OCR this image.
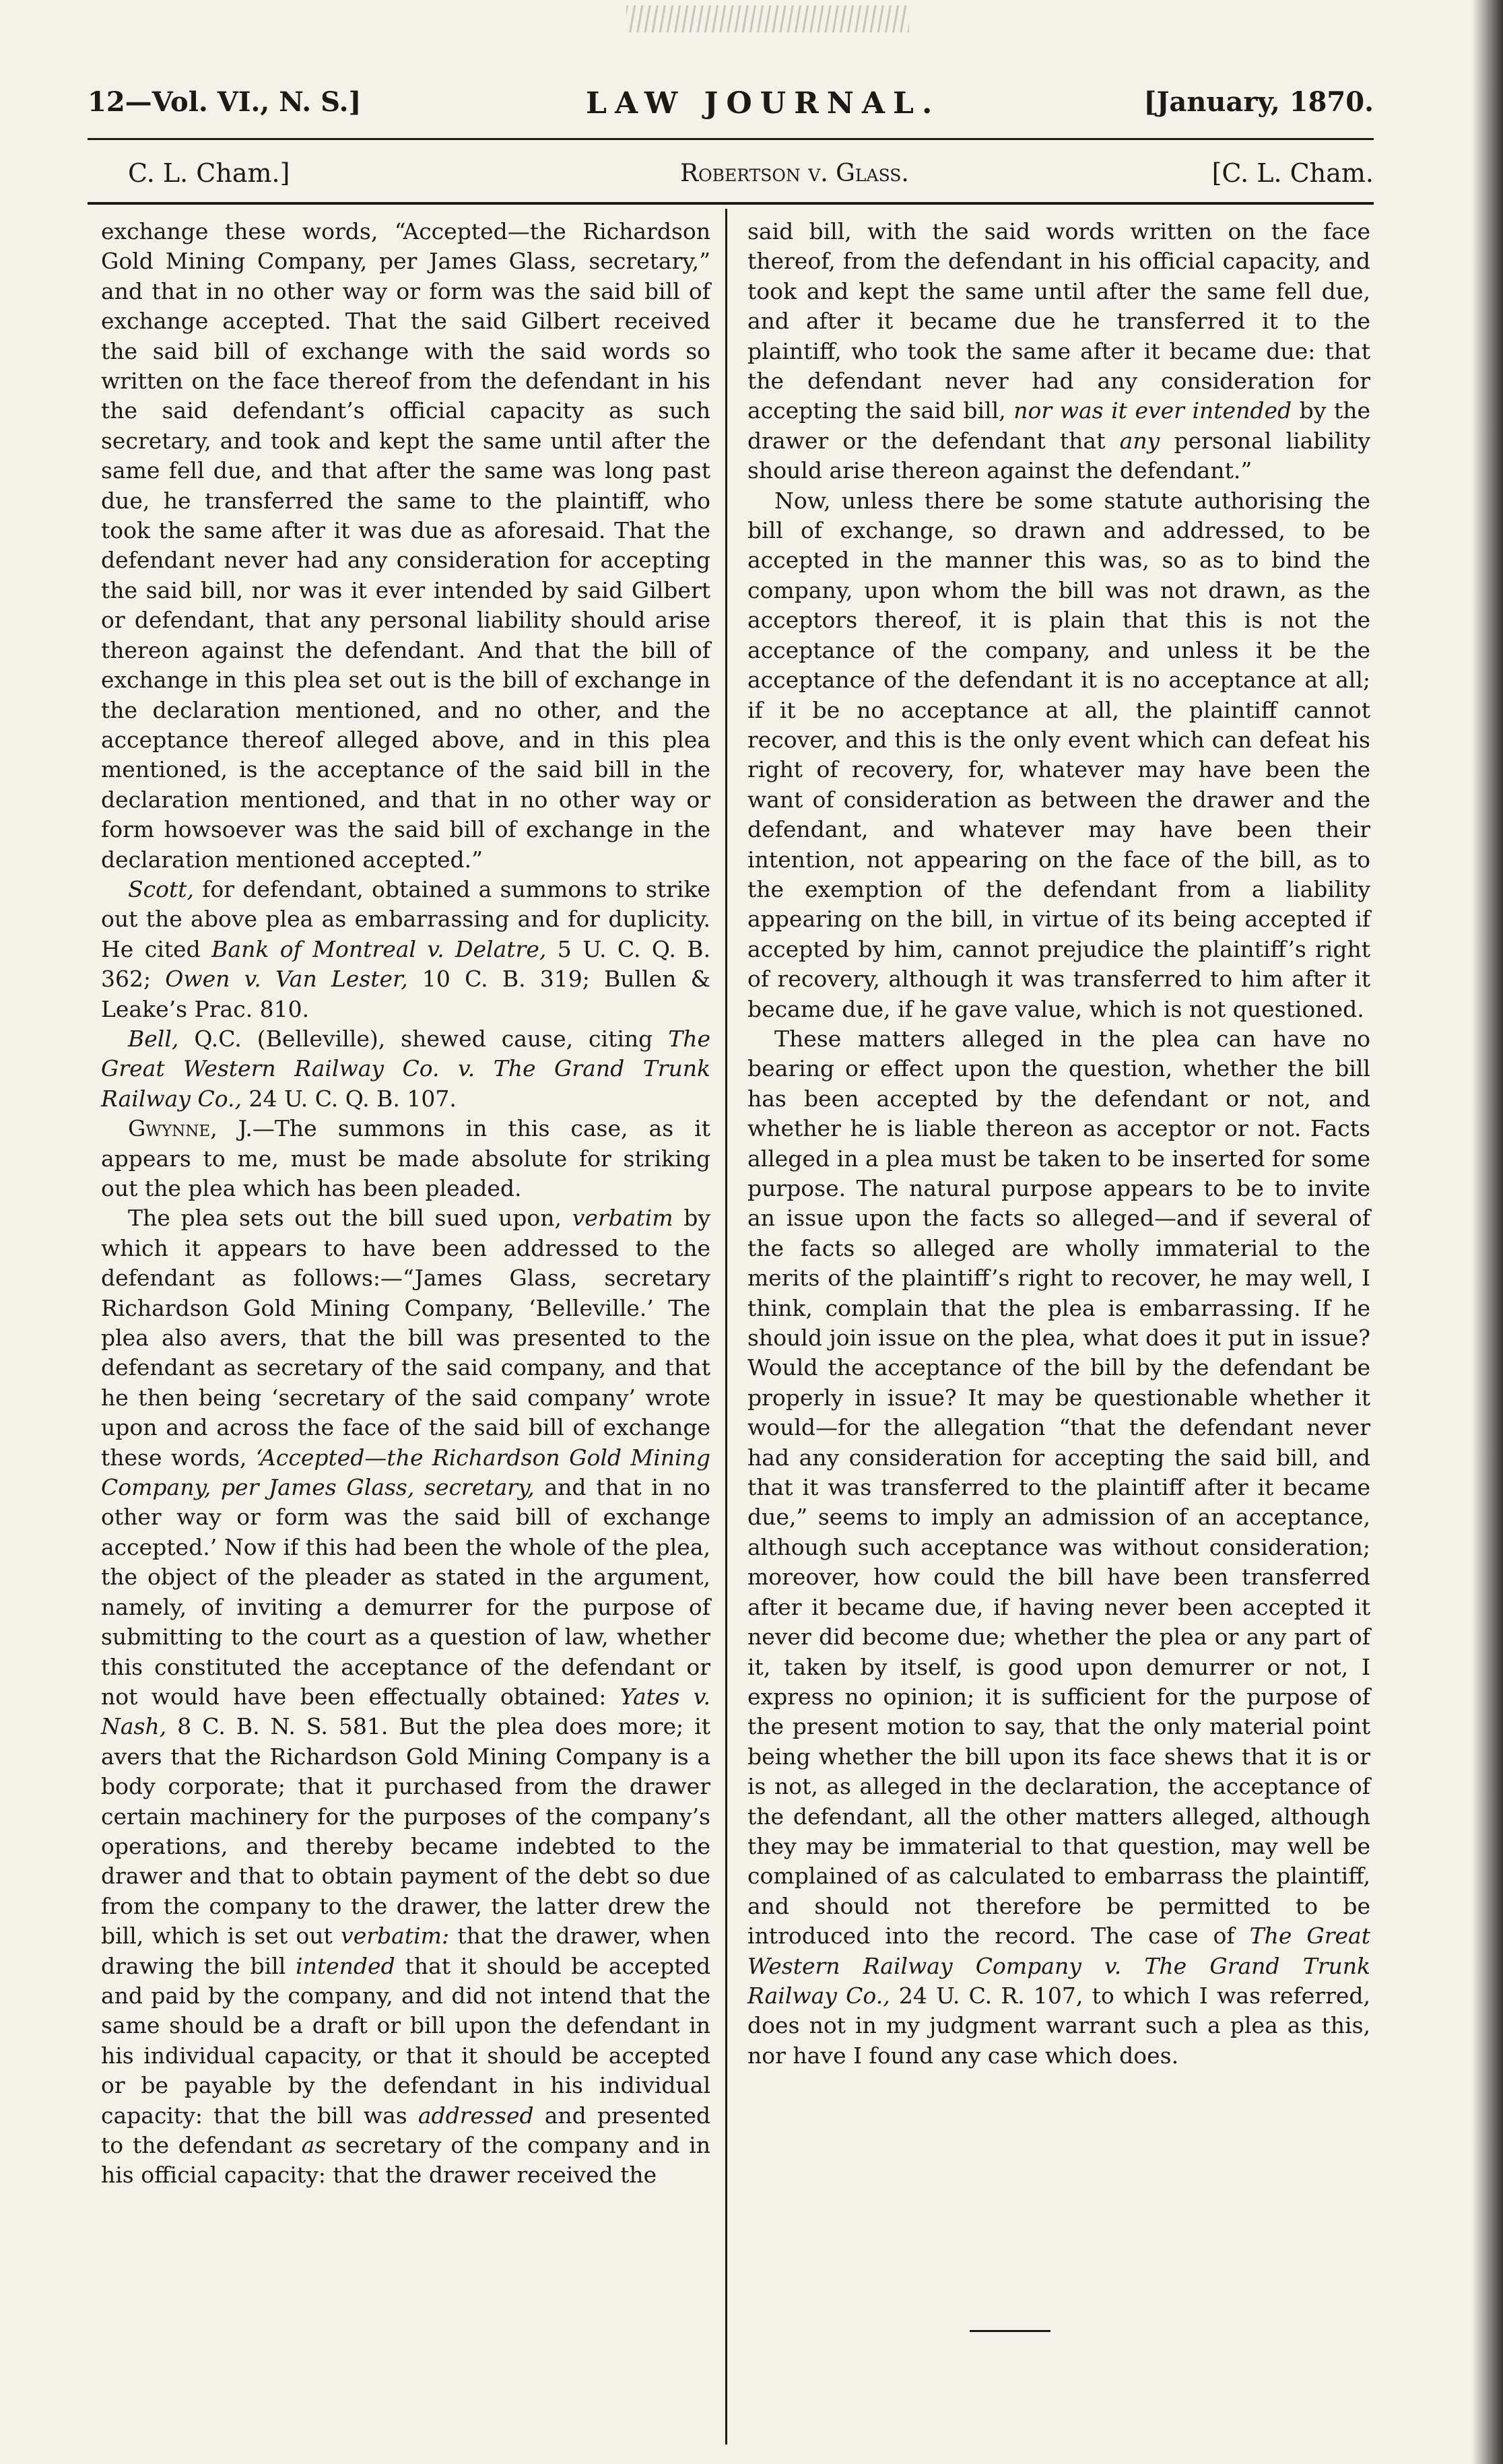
12—Vol. VI., N. S.]	LAW JOURNAL.	[January, 1870.
C. L. Cham.]	Robertson v. Glass.	[C. L. Cham.

exchange these words, “Accepted—the Richardson Gold Mining Company, per James Glass, secretary,” and that in no other way or form was the said bill of exchange accepted. That the said Gilbert received the said bill of exchange with the said words so written on the face thereof from the defendant in his the said defendant’s official capacity as such secretary, and took and kept the same until after the same fell due, and that after the same was long past due, he transferred the same to the plaintiff, who took the same after it was due as aforesaid. That the defendant never had any consideration for accepting the said bill, nor was it ever intended by said Gilbert or defendant, that any personal liability should arise thereon against the defendant. And that the bill of exchange in this plea set out is the bill of exchange in the declaration mentioned, and no other, and the acceptance thereof alleged above, and in this plea mentioned, is the acceptance of the said bill in the declaration mentioned, and that in no other way or form howsoever was the said bill of exchange in the declaration mentioned accepted.”

Scott, for defendant, obtained a summons to strike out the above plea as embarrassing and for duplicity. He cited Bank of Montreal v. Delatre, 5 U. C. Q. B. 362; Owen v. Van Lester, 10 C. B. 319; Bullen & Leake’s Prac. 810.

Bell, Q.C. (Belleville), shewed cause, citing The Great Western Railway Co. v. The Grand Trunk Railway Co., 24 U. C. Q. B. 107.

Gwynne, J.—The summons in this case, as it appears to me, must be made absolute for striking out the plea which has been pleaded.

The plea sets out the bill sued upon, verbatim by which it appears to have been addressed to the defendant as follows:—“James Glass, secretary Richardson Gold Mining Company, ‘Belleville.’ The plea also avers, that the bill was presented to the defendant as secretary of the said company, and that he then being ‘secretary of the said company’ wrote upon and across the face of the said bill of exchange these words, ‘Accepted—the Richardson Gold Mining Company, per James Glass, secretary, and that in no other way or form was the said bill of exchange accepted.’ Now if this had been the whole of the plea, the object of the pleader as stated in the argument, namely, of inviting a demurrer for the purpose of submitting to the court as a question of law, whether this constituted the acceptance of the defendant or not would have been effectually obtained: Yates v. Nash, 8 C. B. N. S. 581. But the plea does more; it avers that the Richardson Gold Mining Company is a body corporate; that it purchased from the drawer certain machinery for the purposes of the company’s operations, and thereby became indebted to the drawer and that to obtain payment of the debt so due from the company to the drawer, the latter drew the bill, which is set out verbatim: that the drawer, when drawing the bill intended that it should be accepted and paid by the company, and did not intend that the same should be a draft or bill upon the defendant in his individual capacity, or that it should be accepted or be payable by the defendant in his individual capacity: that the bill was addressed and presented to the defendant as secretary of the company and in his official capacity: that the drawer received the

said bill, with the said words written on the face thereof, from the defendant in his official capacity, and took and kept the same until after the same fell due, and after it became due he transferred it to the plaintiff, who took the same after it became due: that the defendant never had any consideration for accepting the said bill, nor was it ever intended by the drawer or the defendant that any personal liability should arise thereon against the defendant.”

Now, unless there be some statute authorising the bill of exchange, so drawn and addressed, to be accepted in the manner this was, so as to bind the company, upon whom the bill was not drawn, as the acceptors thereof, it is plain that this is not the acceptance of the company, and unless it be the acceptance of the defendant it is no acceptance at all; if it be no acceptance at all, the plaintiff cannot recover, and this is the only event which can defeat his right of recovery, for, whatever may have been the want of consideration as between the drawer and the defendant, and whatever may have been their intention, not appearing on the face of the bill, as to the exemption of the defendant from a liability appearing on the bill, in virtue of its being accepted if accepted by him, cannot prejudice the plaintiff’s right of recovery, although it was transferred to him after it became due, if he gave value, which is not questioned.

These matters alleged in the plea can have no bearing or effect upon the question, whether the bill has been accepted by the defendant or not, and whether he is liable thereon as acceptor or not. Facts alleged in a plea must be taken to be inserted for some purpose. The natural purpose appears to be to invite an issue upon the facts so alleged—and if several of the facts so alleged are wholly immaterial to the merits of the plaintiff’s right to recover, he may well, I think, complain that the plea is embarrassing. If he should join issue on the plea, what does it put in issue? Would the acceptance of the bill by the defendant be properly in issue? It may be questionable whether it would—for the allegation “that the defendant never had any consideration for accepting the said bill, and that it was transferred to the plaintiff after it became due,” seems to imply an admission of an acceptance, although such acceptance was without consideration; moreover, how could the bill have been transferred after it became due, if having never been accepted it never did become due; whether the plea or any part of it, taken by itself, is good upon demurrer or not, I express no opinion; it is sufficient for the purpose of the present motion to say, that the only material point being whether the bill upon its face shews that it is or is not, as alleged in the declaration, the acceptance of the defendant, all the other matters alleged, although they may be immaterial to that question, may well be complained of as calculated to embarrass the plaintiff, and should not therefore be permitted to be introduced into the record. The case of The Great Western Railway Company v. The Grand Trunk Railway Co., 24 U. C. R. 107, to which I was referred, does not in my judgment warrant such a plea as this, nor have I found any case which does.
